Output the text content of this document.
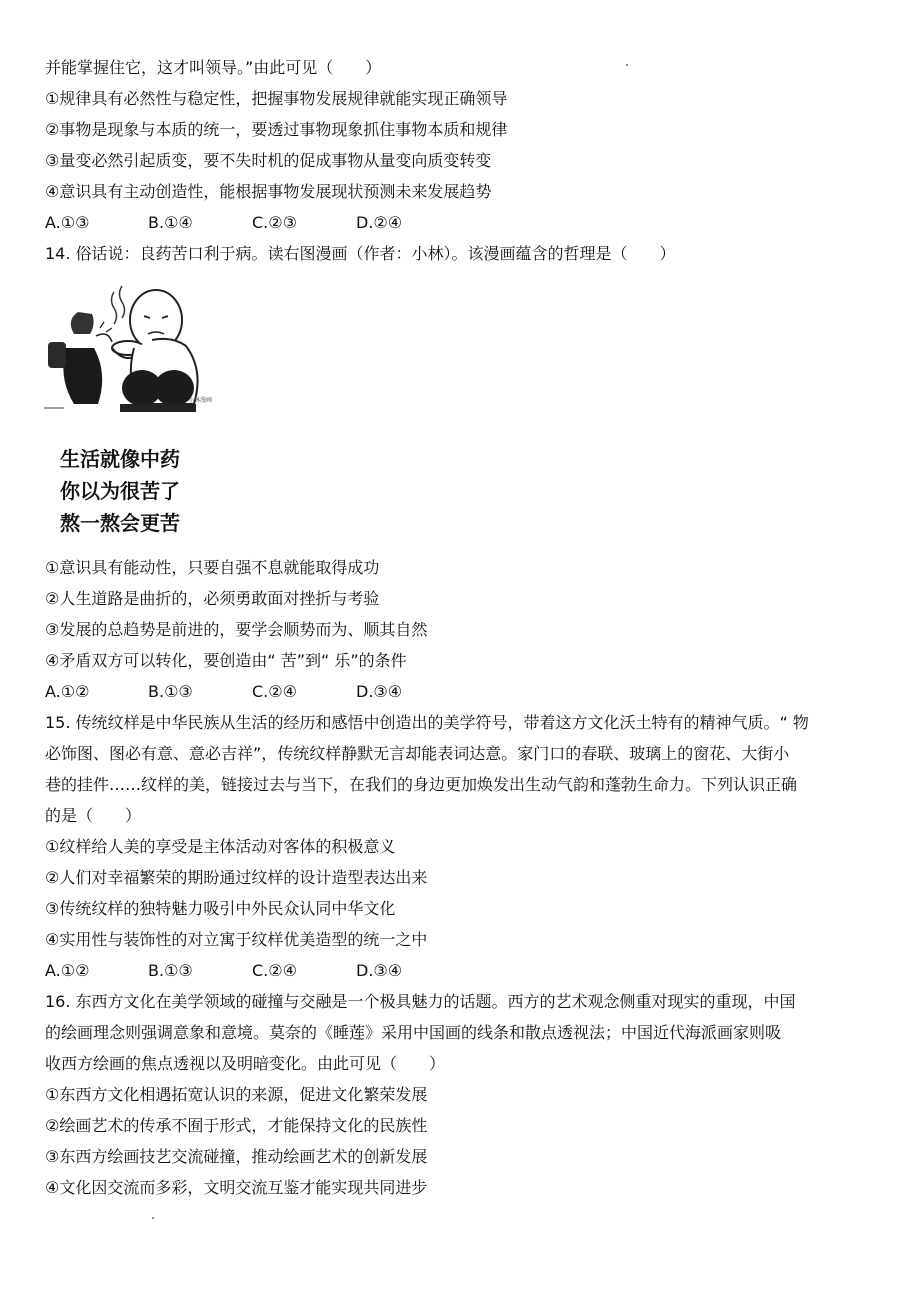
并能掌握住它，这才叫领导。”由此可见（　　）
①规律具有必然性与稳定性，把握事物发展规律就能实现正确领导
②事物是现象与本质的统一，要透过事物现象抓住事物本质和规律
③量变必然引起质变，要不失时机的促成事物从量变向质变转变
④意识具有主动创造性，能根据事物发展现状预测未来发展趋势
A.①③	B.①④	C.②③	D.②④
14. 俗话说：良药苦口利于病。读右图漫画（作者：小林）。该漫画蕴含的哲理是（　　）
小林漫画
生活就像中药
你以为很苦了
熬一熬会更苦
①意识具有能动性，只要自强不息就能取得成功
②人生道路是曲折的，必须勇敢面对挫折与考验
③发展的总趋势是前进的，要学会顺势而为、顺其自然
④矛盾双方可以转化，要创造由“ 苦”到“ 乐”的条件
A.①②	B.①③	C.②④	D.③④
15. 传统纹样是中华民族从生活的经历和感悟中创造出的美学符号，带着这方文化沃土特有的精神气质。“ 物
必饰图、图必有意、意必吉祥”，传统纹样静默无言却能表词达意。家门口的春联、玻璃上的窗花、大街小
巷的挂件……纹样的美，链接过去与当下，在我们的身边更加焕发出生动气韵和蓬勃生命力。下列认识正确
的是（　　）
①纹样给人美的享受是主体活动对客体的积极意义
②人们对幸福繁荣的期盼通过纹样的设计造型表达出来
③传统纹样的独特魅力吸引中外民众认同中华文化
④实用性与装饰性的对立寓于纹样优美造型的统一之中
A.①②	B.①③	C.②④	D.③④
16. 东西方文化在美学领域的碰撞与交融是一个极具魅力的话题。西方的艺术观念侧重对现实的重现，中国
的绘画理念则强调意象和意境。莫奈的《睡莲》采用中国画的线条和散点透视法；中国近代海派画家则吸
收西方绘画的焦点透视以及明暗变化。由此可见（　　）
①东西方文化相遇拓宽认识的来源，促进文化繁荣发展
②绘画艺术的传承不囿于形式，才能保持文化的民族性
③东西方绘画技艺交流碰撞，推动绘画艺术的创新发展
④文化因交流而多彩，文明交流互鉴才能实现共同进步
